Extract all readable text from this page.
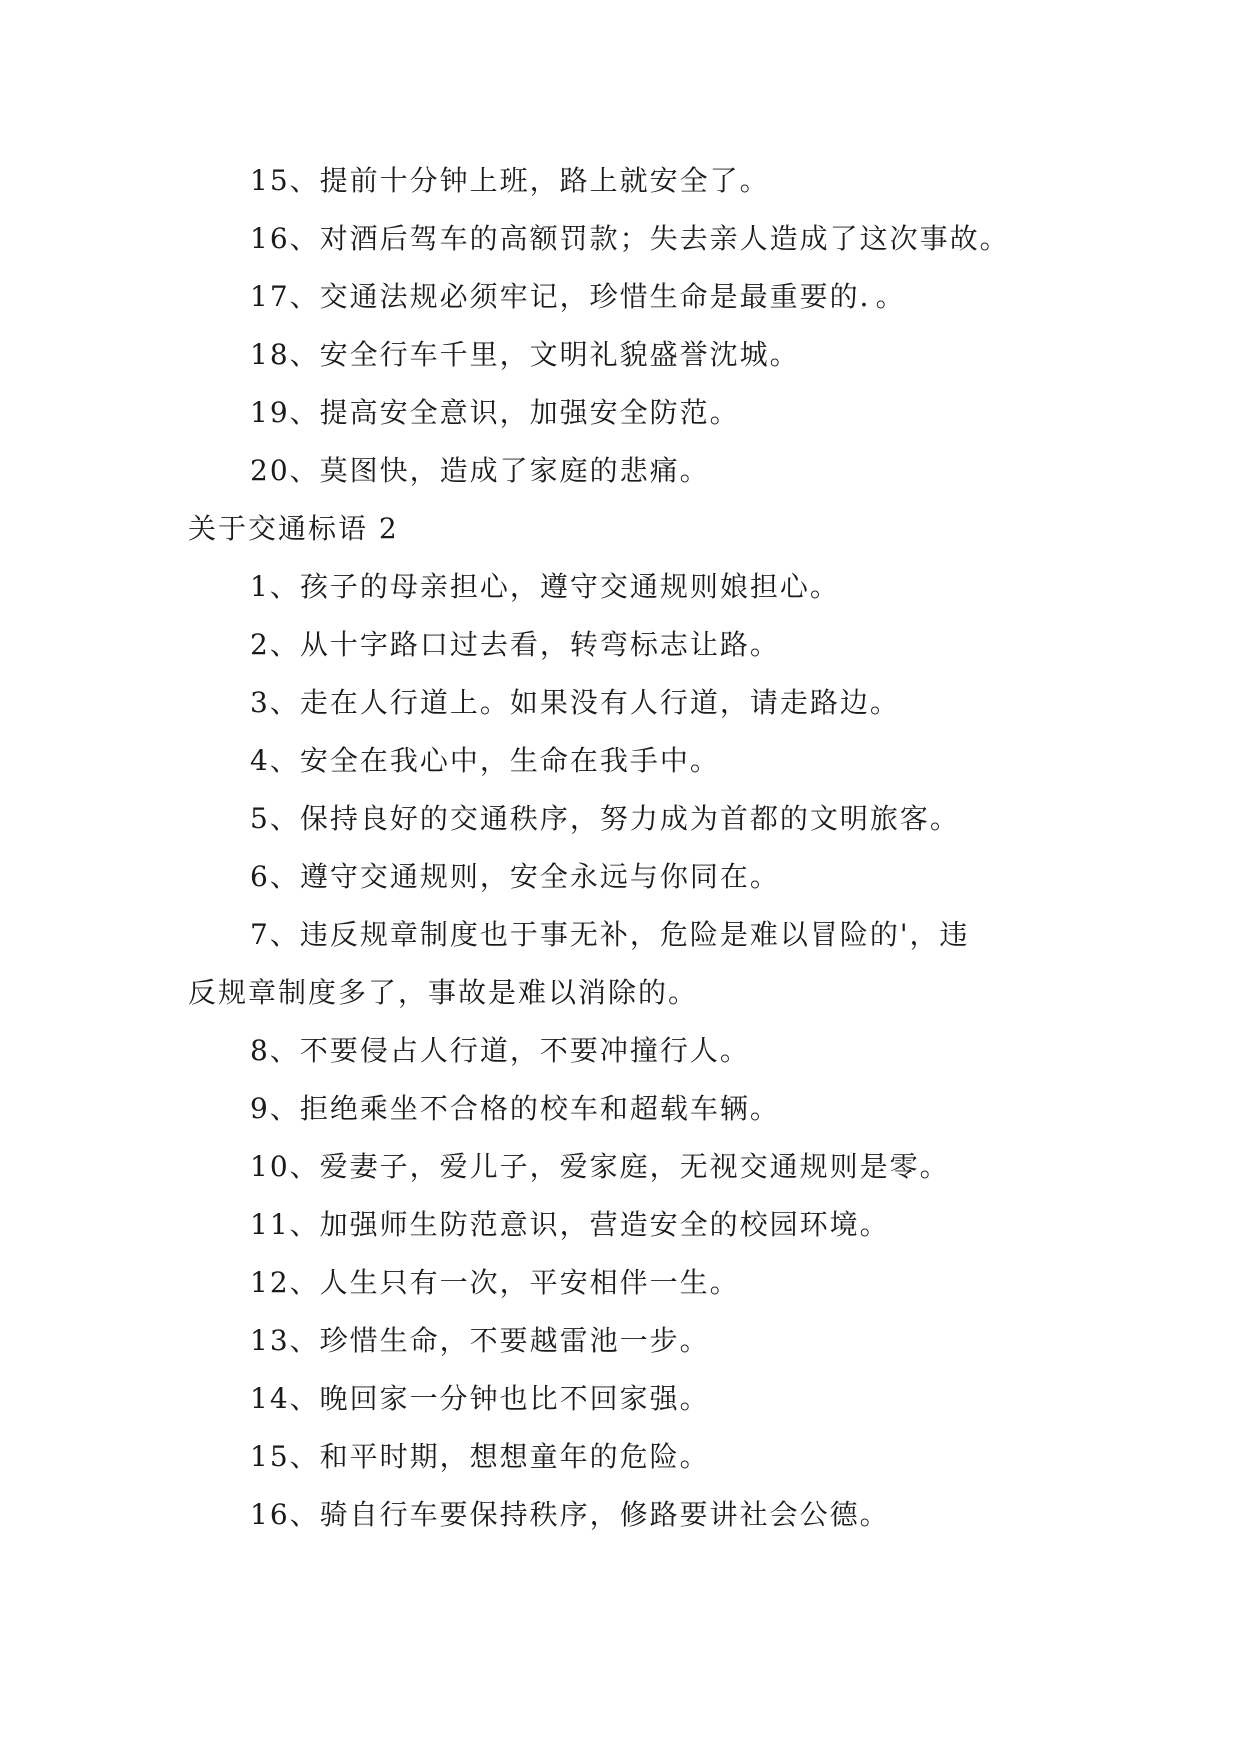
15、提前十分钟上班，路上就安全了。
16、对酒后驾车的高额罚款；失去亲人造成了这次事故。
17、交通法规必须牢记，珍惜生命是最重要的．。
18、安全行车千里，文明礼貌盛誉沈城。
19、提高安全意识，加强安全防范。
20、莫图快，造成了家庭的悲痛。
关于交通标语 2
1、孩子的母亲担心，遵守交通规则娘担心。
2、从十字路口过去看，转弯标志让路。
3、走在人行道上。如果没有人行道，请走路边。
4、安全在我心中，生命在我手中。
5、保持良好的交通秩序，努力成为首都的文明旅客。
6、遵守交通规则，安全永远与你同在。
7、违反规章制度也于事无补，危险是难以冒险的'，违
反规章制度多了，事故是难以消除的。
8、不要侵占人行道，不要冲撞行人。
9、拒绝乘坐不合格的校车和超载车辆。
10、爱妻子，爱儿子，爱家庭，无视交通规则是零。
11、加强师生防范意识，营造安全的校园环境。
12、人生只有一次，平安相伴一生。
13、珍惜生命，不要越雷池一步。
14、晚回家一分钟也比不回家强。
15、和平时期，想想童年的危险。
16、骑自行车要保持秩序，修路要讲社会公德。
